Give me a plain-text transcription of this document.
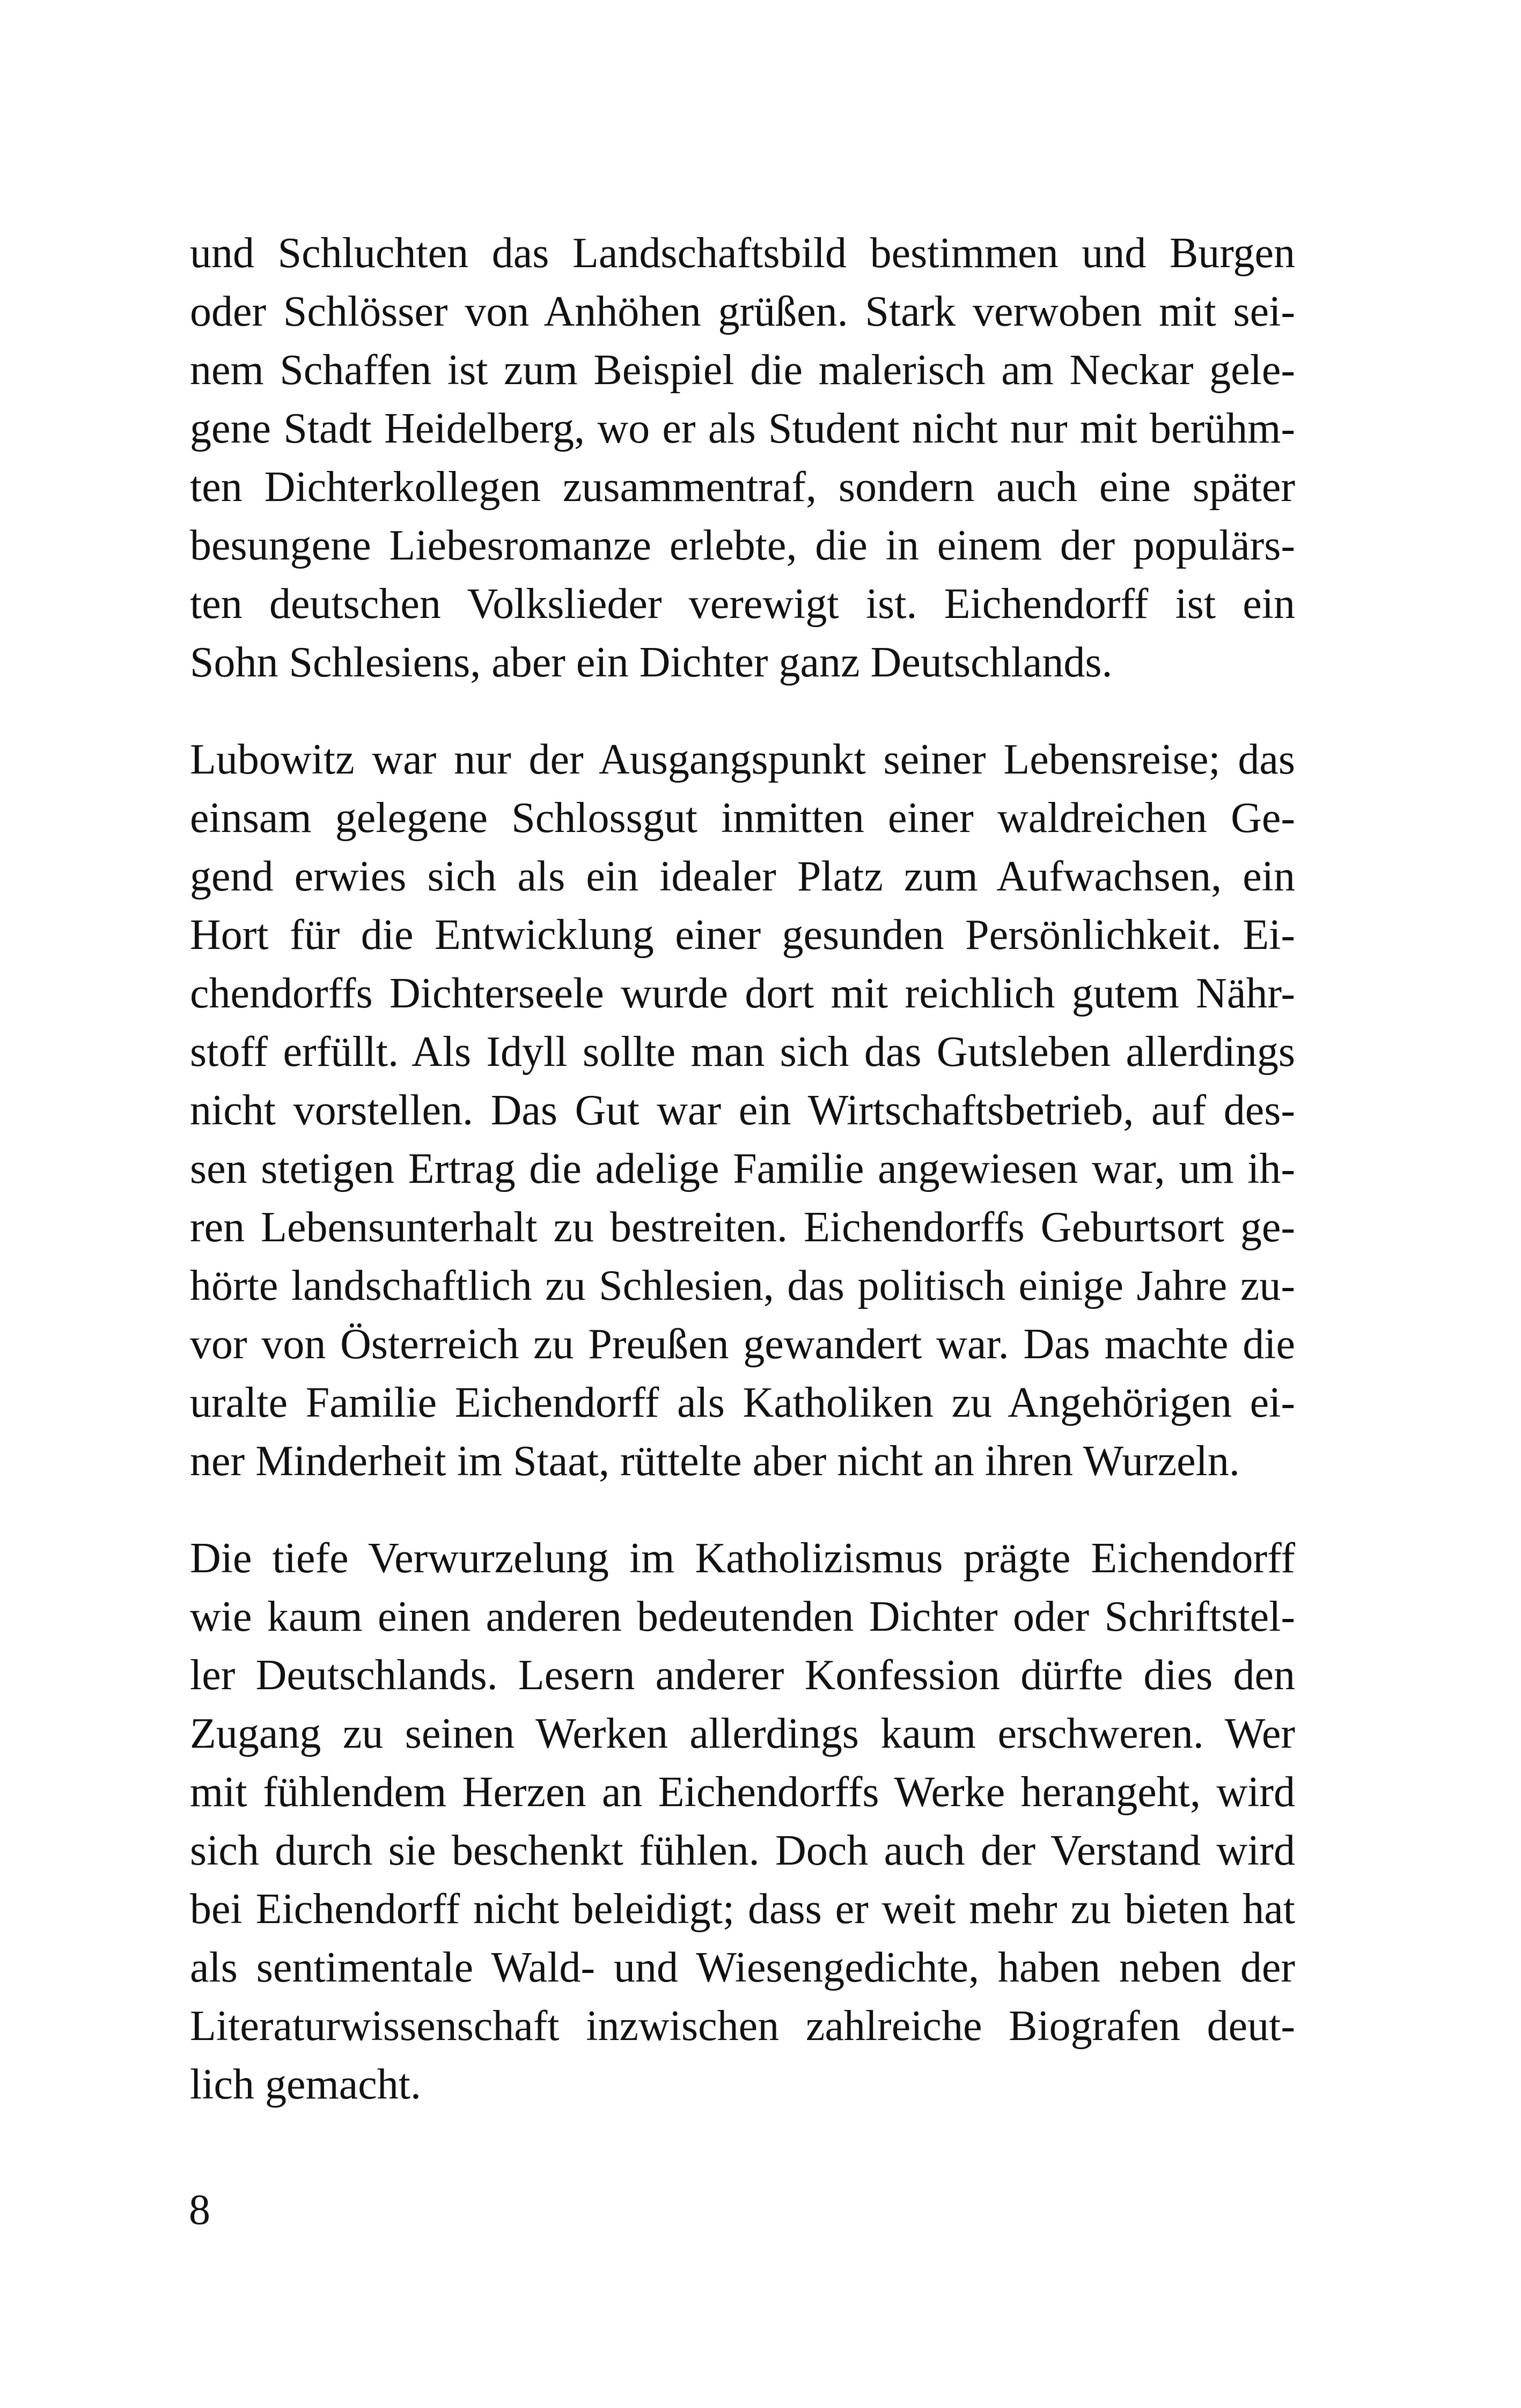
und Schluchten das Landschaftsbild bestimmen und Burgen
oder Schlösser von Anhöhen grüßen. Stark verwoben mit sei-
nem Schaffen ist zum Beispiel die malerisch am Neckar gele-
gene Stadt Heidelberg, wo er als Student nicht nur mit berühm-
ten Dichterkollegen zusammentraf, sondern auch eine später
besungene Liebesromanze erlebte, die in einem der populärs-
ten deutschen Volkslieder verewigt ist. Eichendorff ist ein
Sohn Schlesiens, aber ein Dichter ganz Deutschlands.

Lubowitz war nur der Ausgangspunkt seiner Lebensreise; das
einsam gelegene Schlossgut inmitten einer waldreichen Ge-
gend erwies sich als ein idealer Platz zum Aufwachsen, ein
Hort für die Entwicklung einer gesunden Persönlichkeit. Ei-
chendorffs Dichterseele wurde dort mit reichlich gutem Nähr-
stoff erfüllt. Als Idyll sollte man sich das Gutsleben allerdings
nicht vorstellen. Das Gut war ein Wirtschaftsbetrieb, auf des-
sen stetigen Ertrag die adelige Familie angewiesen war, um ih-
ren Lebensunterhalt zu bestreiten. Eichendorffs Geburtsort ge-
hörte landschaftlich zu Schlesien, das politisch einige Jahre zu-
vor von Österreich zu Preußen gewandert war. Das machte die
uralte Familie Eichendorff als Katholiken zu Angehörigen ei-
ner Minderheit im Staat, rüttelte aber nicht an ihren Wurzeln.

Die tiefe Verwurzelung im Katholizismus prägte Eichendorff
wie kaum einen anderen bedeutenden Dichter oder Schriftstel-
ler Deutschlands. Lesern anderer Konfession dürfte dies den
Zugang zu seinen Werken allerdings kaum erschweren. Wer
mit fühlendem Herzen an Eichendorffs Werke herangeht, wird
sich durch sie beschenkt fühlen. Doch auch der Verstand wird
bei Eichendorff nicht beleidigt; dass er weit mehr zu bieten hat
als sentimentale Wald- und Wiesengedichte, haben neben der
Literaturwissenschaft inzwischen zahlreiche Biografen deut-
lich gemacht.

8
